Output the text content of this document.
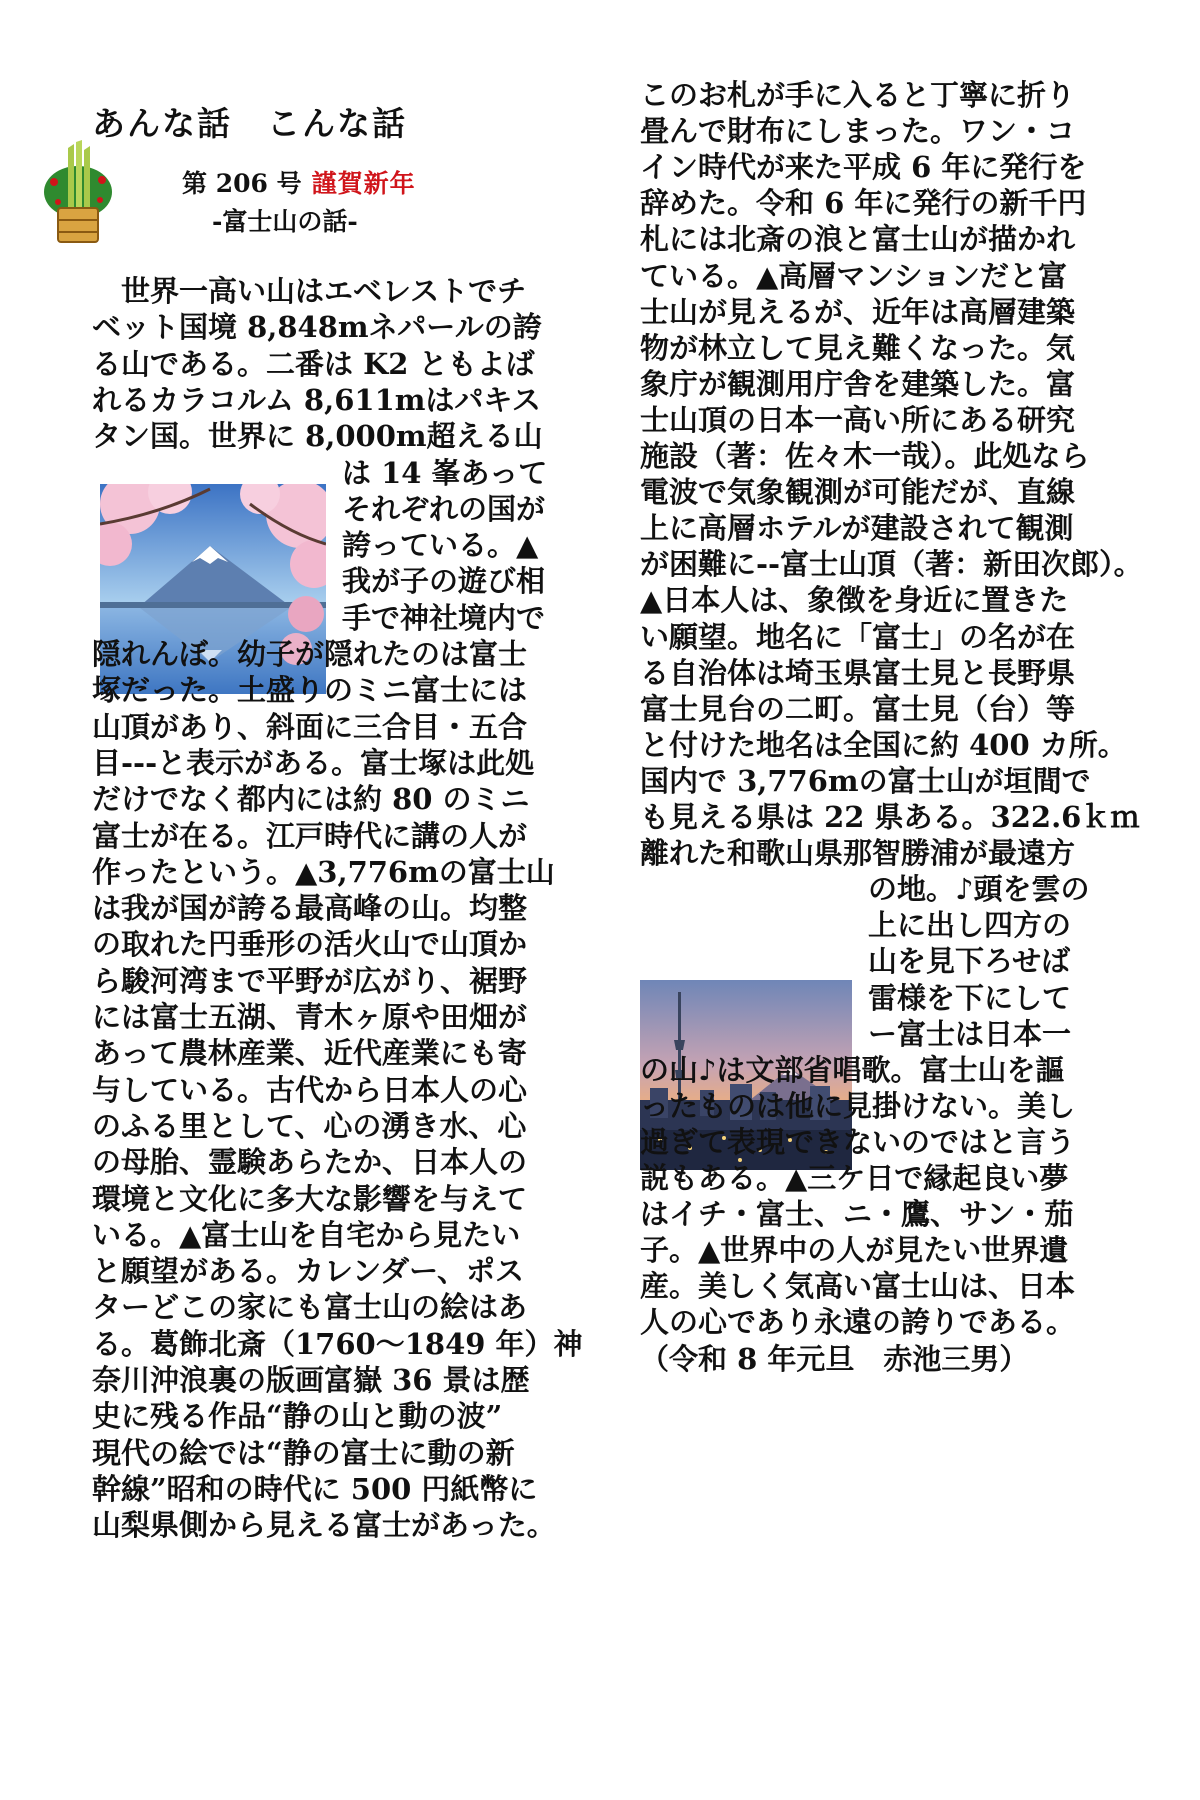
あんな話　こんな話
第 206 号 謹賀新年
-富士山の話-
　世界一高い山はエベレストでチ
ベット国境 8,848mネパールの誇
る山である。二番は K2 ともよば
れるカラコルム 8,611mはパキス
タン国。世界に 8,000m超える山
は 14 峯あって
それぞれの国が
誇っている。▲
我が子の遊び相
手で神社境内で
隠れんぼ。幼子が隠れたのは富士
塚だった。土盛りのミニ富士には
山頂があり、斜面に三合目・五合
目---と表示がある。富士塚は此処
だけでなく都内には約 80 のミニ
富士が在る。江戸時代に講の人が
作ったという。▲3,776mの富士山
は我が国が誇る最高峰の山。均整
の取れた円垂形の活火山で山頂か
ら駿河湾まで平野が広がり、裾野
には富士五湖、青木ヶ原や田畑が
あって農林産業、近代産業にも寄
与している。古代から日本人の心
のふる里として、心の湧き水、心
の母胎、霊験あらたか、日本人の
環境と文化に多大な影響を与えて
いる。▲富士山を自宅から見たい
と願望がある。カレンダー、ポス
ターどこの家にも富士山の絵はあ
る。葛飾北斎（1760～1849 年）神
奈川沖浪裏の版画富嶽 36 景は歴
史に残る作品“静の山と動の波”
現代の絵では“静の富士に動の新
幹線”昭和の時代に 500 円紙幣に
山梨県側から見える富士があった。
このお札が手に入ると丁寧に折り
畳んで財布にしまった。ワン・コ
イン時代が来た平成 6 年に発行を
辞めた。令和 6 年に発行の新千円
札には北斎の浪と富士山が描かれ
ている。▲高層マンションだと富
士山が見えるが、近年は高層建築
物が林立して見え難くなった。気
象庁が観測用庁舎を建築した。富
士山頂の日本一高い所にある研究
施設（著：佐々木一哉）。此処なら
電波で気象観測が可能だが、直線
上に高層ホテルが建設されて観測
が困難に--富士山頂（著：新田次郎）。
▲日本人は、象徴を身近に置きた
い願望。地名に「富士」の名が在
る自治体は埼玉県富士見と長野県
富士見台の二町。富士見（台）等
と付けた地名は全国に約 400 カ所。
国内で 3,776mの富士山が垣間で
も見える県は 22 県ある。322.6ｋｍ
離れた和歌山県那智勝浦が最遠方
の地。♪頭を雲の
上に出し四方の
山を見下ろせば
雷様を下にして
ー富士は日本一
の山♪は文部省唱歌。富士山を謳
ったものは他に見掛けない。美し
過ぎて表現できないのではと言う
説もある。▲三ケ日で縁起良い夢
はイチ・富士、ニ・鷹、サン・茄
子。▲世界中の人が見たい世界遺
産。美しく気高い富士山は、日本
人の心であり永遠の誇りである。
（令和 8 年元旦　赤池三男）
